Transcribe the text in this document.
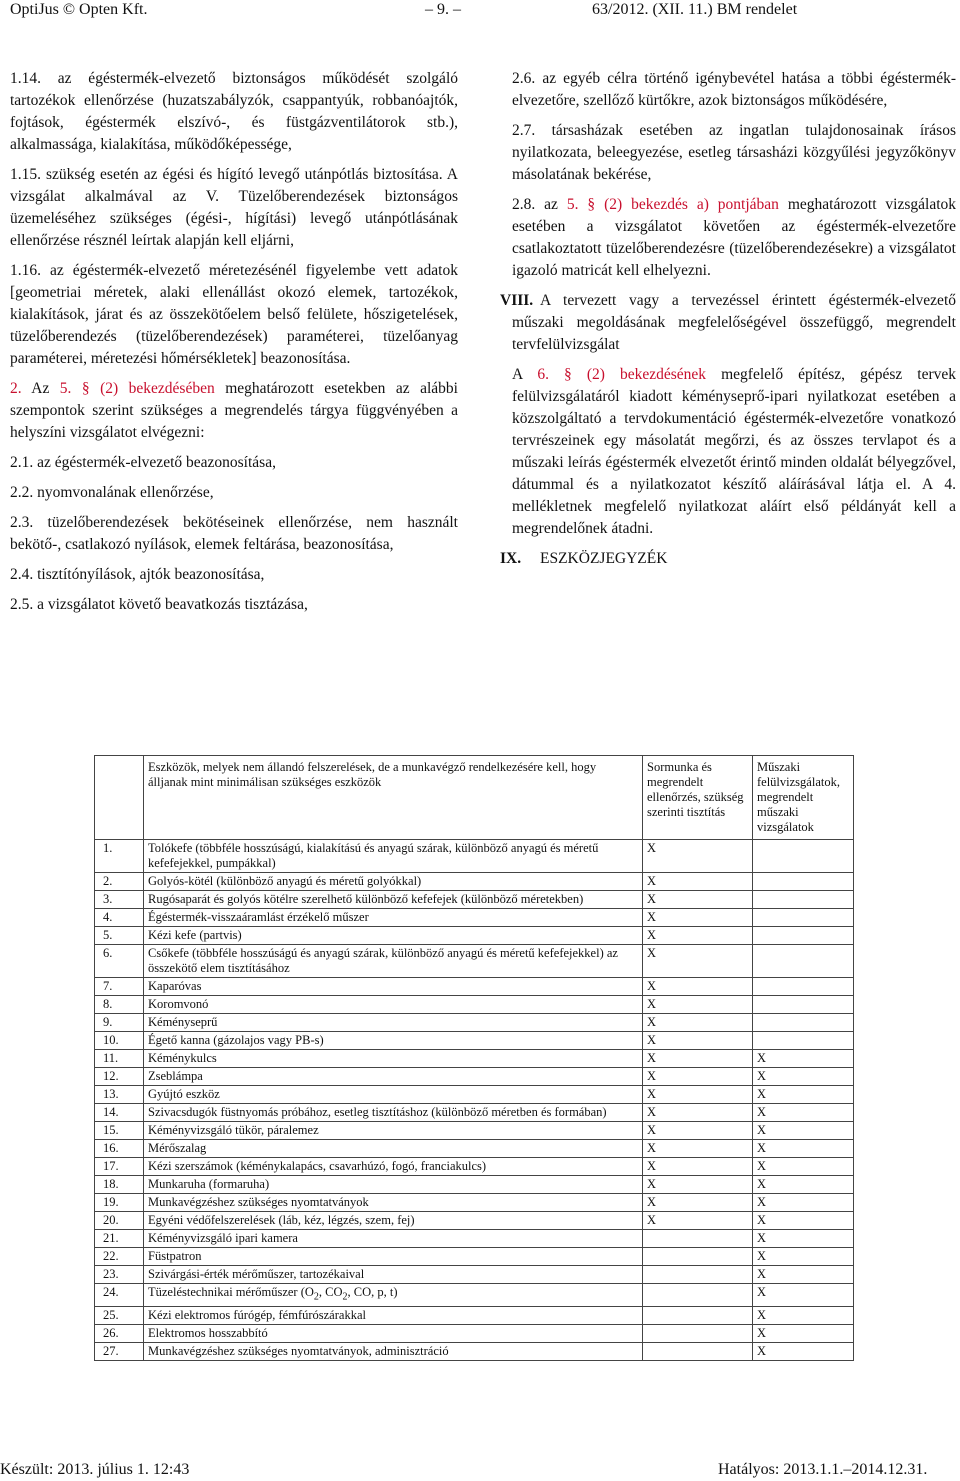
OptiJus © Opten Kft.	– 9. –	63/2012. (XII. 11.) BM rendelet

1.14. az égéstermék-elvezető biztonságos működését szolgáló tartozékok ellenőrzése (huzatszabályzók, csappantyúk, robbanóajtók, fojtások, égéstermék elszívó-, és füstgázventilátorok stb.), alkalmassága, kialakítása, működőképessége,

1.15. szükség esetén az égési és hígító levegő utánpótlás biztosítása. A vizsgálat alkalmával az V. Tüzelőberendezések biztonságos üzemeléséhez szükséges (égési-, hígítási) levegő utánpótlásának ellenőrzése résznél leírtak alapján kell eljárni,

1.16. az égéstermék-elvezető méretezésénél figyelembe vett adatok [geometriai méretek, alaki ellenállást okozó elemek, tartozékok, kialakítások, járat és az összekötőelem belső felülete, hőszigetelések, tüzelőberendezés (tüzelőberendezések) paraméterei, tüzelőanyag paraméterei, méretezési hőmérsékletek] beazonosítása.

2. Az 5. § (2) bekezdésében meghatározott esetekben az alábbi szempontok szerint szükséges a megrendelés tárgya függvényében a helyszíni vizsgálatot elvégezni:

2.1. az égéstermék-elvezető beazonosítása,

2.2. nyomvonalának ellenőrzése,

2.3. tüzelőberendezések bekötéseinek ellenőrzése, nem használt bekötő-, csatlakozó nyílások, elemek feltárása, beazonosítása,

2.4. tisztítónyílások, ajtók beazonosítása,

2.5. a vizsgálatot követő beavatkozás tisztázása,

2.6. az egyéb célra történő igénybevétel hatása a többi égéstermék-elvezetőre, szellőző kürtőkre, azok biztonságos működésére,

2.7. társasházak esetében az ingatlan tulajdonosainak írásos nyilatkozata, beleegyezése, esetleg társasházi közgyűlési jegyzőkönyv másolatának bekérése,

2.8. az 5. § (2) bekezdés a) pontjában meghatározott vizsgálatok esetében a vizsgálatot követően az égéstermék-elvezetőre csatlakoztatott tüzelőberendezésre (tüzelőberendezésekre) a vizsgálatot igazoló matricát kell elhelyezni.

VIII. A tervezett vagy a tervezéssel érintett égéstermék-elvezető műszaki megoldásának megfelelőségével összefüggő, megrendelt tervfelülvizsgálat

A 6. § (2) bekezdésének megfelelő építész, gépész tervek felülvizsgálatáról kiadott kéményseprő-ipari nyilatkozat esetében a közszolgáltató a tervdokumentáció égéstermék-elvezetőre vonatkozó tervrészeinek egy másolatát megőrzi, és az összes tervlapot és a műszaki leírás égéstermék elvezetőt érintő minden oldalát bélyegzővel, dátummal és a nyilatkozatot készítő aláírásával látja el. A 4. mellékletnek megfelelő nyilatkozat aláírt első példányát kell a megrendelőnek átadni.

IX. ESZKÖZJEGYZÉK

	Eszközök, melyek nem állandó felszerelések, de a munkavégző rendelkezésére kell, hogy álljanak mint minimálisan szükséges eszközök	Sormunka és megrendelt ellenőrzés, szükség szerinti tisztítás	Műszaki felülvizsgálatok, megrendelt műszaki vizsgálatok
1.	Tolókefe (többféle hosszúságú, kialakítású és anyagú szárak, különböző anyagú és méretű kefefejekkel, pumpákkal)	X	
2.	Golyós-kötél (különböző anyagú és méretű golyókkal)	X	
3.	Rugósaparát és golyós kötélre szerelhető különböző kefefejek (különböző méretekben)	X	
4.	Égéstermék-visszaáramlást érzékelő műszer	X	
5.	Kézi kefe (partvis)	X	
6.	Csőkefe (többféle hosszúságú és anyagú szárak, különböző anyagú és méretű kefefejekkel) az összekötő elem tisztításához	X	
7.	Kaparóvas	X	
8.	Koromvonó	X	
9.	Kéményseprű	X	
10.	Égető kanna (gázolajos vagy PB-s)	X	
11.	Kéménykulcs	X	X
12.	Zseblámpa	X	X
13.	Gyújtó eszköz	X	X
14.	Szivacsdugók füstnyomás próbához, esetleg tisztításhoz (különböző méretben és formában)	X	X
15.	Kéményvizsgáló tükör, páralemez	X	X
16.	Mérőszalag	X	X
17.	Kézi szerszámok (kéménykalapács, csavarhúzó, fogó, franciakulcs)	X	X
18.	Munkaruha (formaruha)	X	X
19.	Munkavégzéshez szükséges nyomtatványok	X	X
20.	Egyéni védőfelszerelések (láb, kéz, légzés, szem, fej)	X	X
21.	Kéményvizsgáló ipari kamera		X
22.	Füstpatron		X
23.	Szivárgási-érték mérőműszer, tartozékaival		X
24.	Tüzeléstechnikai mérőműszer ($O_2$, $CO_2$, CO, p, t)		X
25.	Kézi elektromos fúrógép, fémfúrószárakkal		X
26.	Elektromos hosszabbító		X
27.	Munkavégzéshez szükséges nyomtatványok, adminisztráció		X
Készült: 2013. július 1. 12:43	Hatályos: 2013.1.1.–2014.12.31.
